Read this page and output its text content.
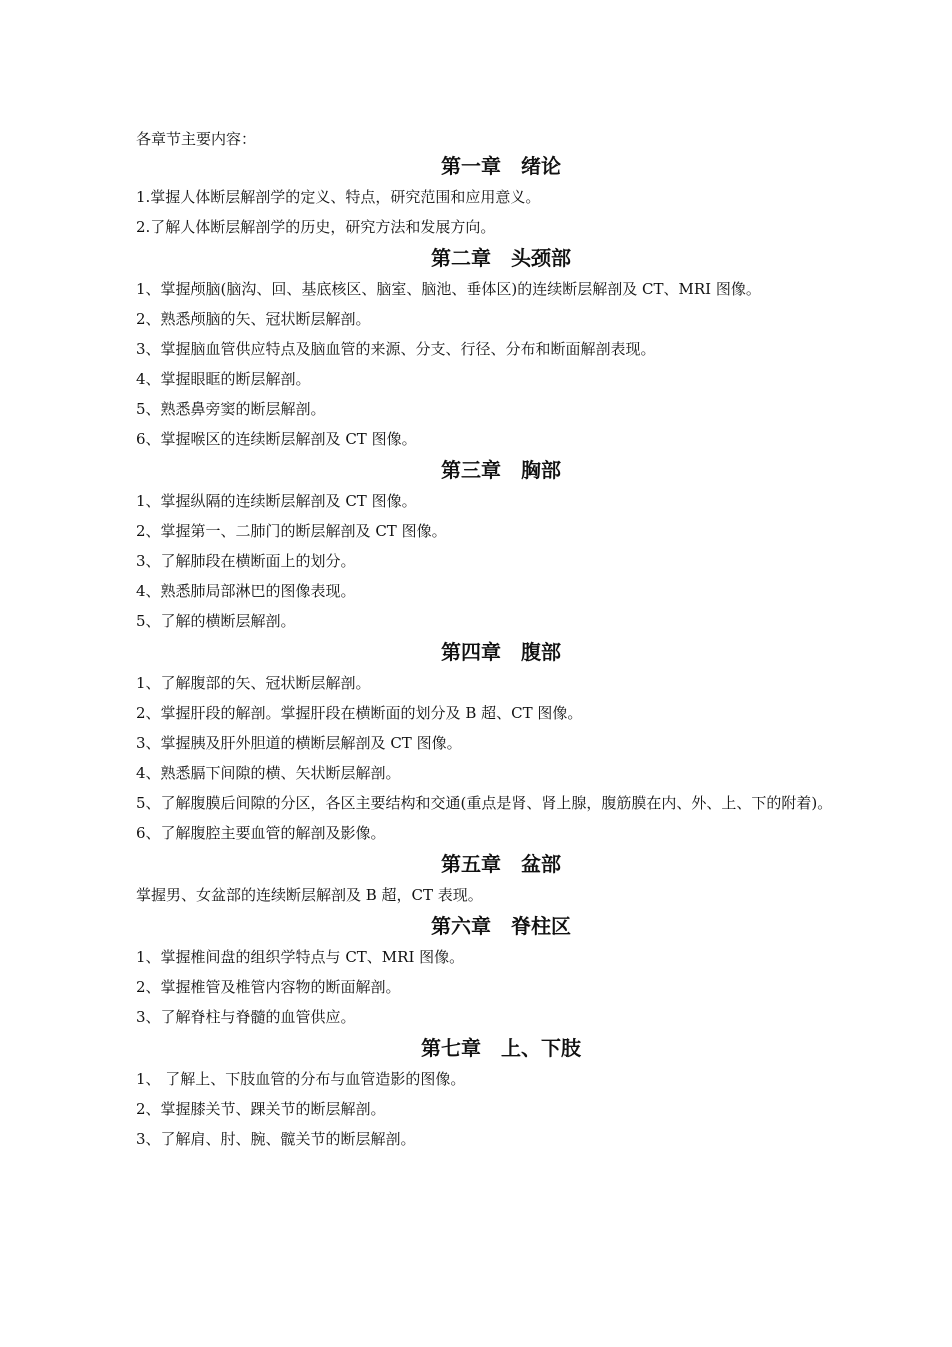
各章节主要内容：

第一章　绪论

1.掌握人体断层解剖学的定义、特点，研究范围和应用意义。

2.了解人体断层解剖学的历史，研究方法和发展方向。

第二章　头颈部

1、掌握颅脑(脑沟、回、基底核区、脑室、脑池、垂体区)的连续断层解剖及 CT、MRI 图像。

2、熟悉颅脑的矢、冠状断层解剖。

3、掌握脑血管供应特点及脑血管的来源、分支、行径、分布和断面解剖表现。

4、掌握眼眶的断层解剖。

5、熟悉鼻旁窦的断层解剖。

6、掌握喉区的连续断层解剖及 CT 图像。

第三章　胸部

1、掌握纵隔的连续断层解剖及 CT 图像。

2、掌握第一、二肺门的断层解剖及 CT 图像。

3、了解肺段在横断面上的划分。

4、熟悉肺局部淋巴的图像表现。

5、了解的横断层解剖。

第四章　腹部

1、了解腹部的矢、冠状断层解剖。

2、掌握肝段的解剖。掌握肝段在横断面的划分及 B 超、CT 图像。

3、掌握胰及肝外胆道的横断层解剖及 CT 图像。

4、熟悉膈下间隙的横、矢状断层解剖。

5、了解腹膜后间隙的分区，各区主要结构和交通(重点是肾、肾上腺，腹筋膜在内、外、上、下的附着)。

6、了解腹腔主要血管的解剖及影像。

第五章　盆部

掌握男、女盆部的连续断层解剖及 B 超，CT 表现。

第六章　脊柱区

1、掌握椎间盘的组织学特点与 CT、MRI 图像。

2、掌握椎管及椎管内容物的断面解剖。

3、了解脊柱与脊髓的血管供应。

第七章　上、下肢

1、 了解上、下肢血管的分布与血管造影的图像。

2、掌握膝关节、踝关节的断层解剖。

3、了解肩、肘、腕、髋关节的断层解剖。
